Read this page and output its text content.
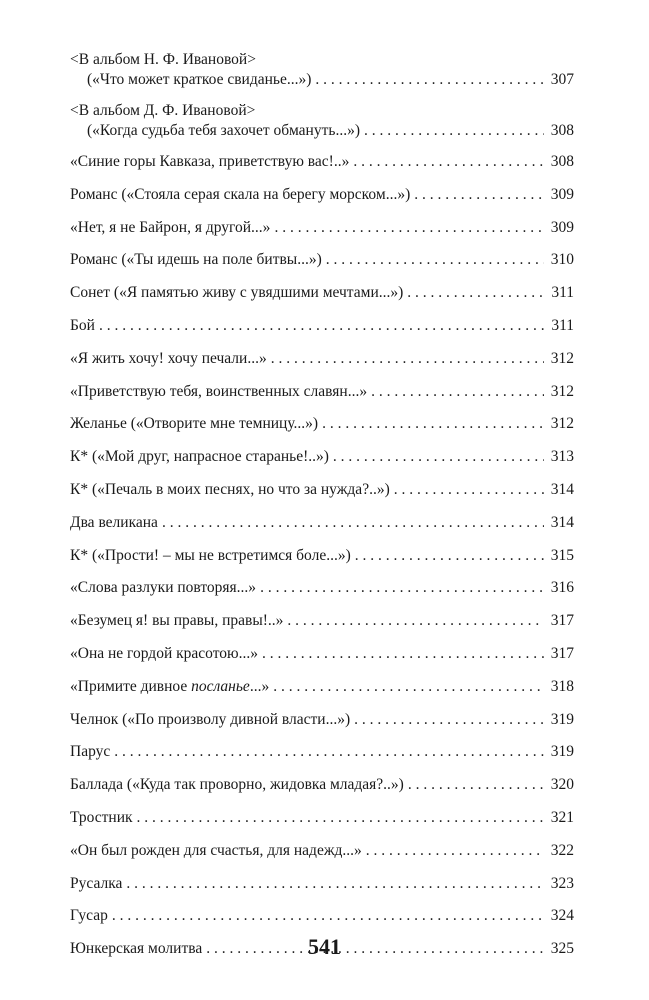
<В альбом Н. Ф. Ивановой>
(«Что может краткое свиданье...») . . .	307
<В альбом Д. Ф. Ивановой>
(«Когда судьба тебя захочет обмануть...») . . .	308
«Синие горы Кавказа, приветствую вас!..» . . .	308
Романс («Стояла серая скала на берегу морском...») . . .	309
«Нет, я не Байрон, я другой...» . . .	309
Романс («Ты идешь на поле битвы...») . . .	310
Сонет («Я памятью живу с увядшими мечтами...») . . .	311
Бой . . .	311
«Я жить хочу! хочу печали...» . . .	312
«Приветствую тебя, воинственных славян...» . . .	312
Желанье («Отворите мне темницу...») . . .	312
К* («Мой друг, напрасное старанье!..») . . .	313
К* («Печаль в моих песнях, но что за нужда?..») . . .	314
Два великана . . .	314
К* («Прости! – мы не встретимся боле...») . . .	315
«Слова разлуки повторяя...» . . .	316
«Безумец я! вы правы, правы!..» . . .	317
«Она не гордой красотою...» . . .	317
«Примите дивное посланье...» . . .	318
Челнок («По произволу дивной власти...») . . .	319
Парус . . .	319
Баллада («Куда так проворно, жидовка младая?..») . . .	320
Тростник . . .	321
«Он был рожден для счастья, для надежд...» . . .	322
Русалка . . .	323
Гусар . . .	324
Юнкерская молитва . . .	325
541
